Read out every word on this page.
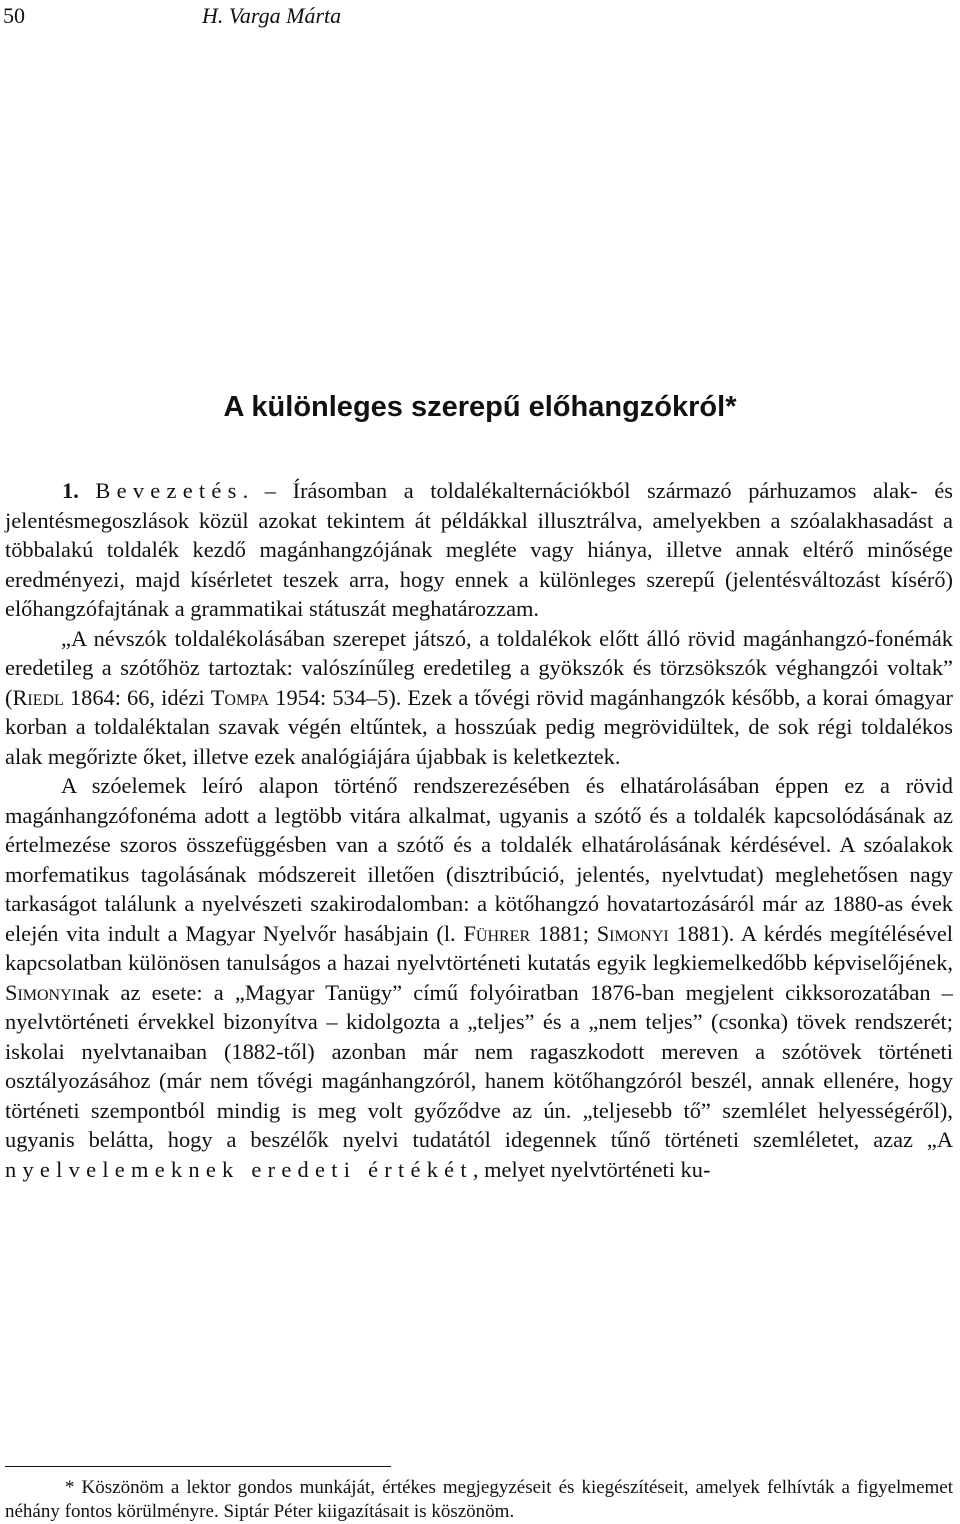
50	H. Varga Márta
A különleges szerepű előhangzókról*

1. Bevezetés. – Írásomban a toldalékalternációkból származó párhuzamos alak- és jelentésmegoszlások közül azokat tekintem át példákkal illusztrálva, amelyekben a szóalakhasadást a többalakú toldalék kezdő magánhangzójának megléte vagy hiánya, illetve annak eltérő minősége eredményezi, majd kísérletet teszek arra, hogy ennek a különleges szerepű (jelentésváltozást kísérő) előhangzófajtának a grammatikai státuszát meghatározzam.

„A névszók toldalékolásában szerepet játszó, a toldalékok előtt álló rövid magánhangzó-fonémák eredetileg a szótőhöz tartoztak: valószínűleg eredetileg a gyökszók és törzsökszók véghangzói voltak” (Riedl 1864: 66, idézi Tompa 1954: 534–5). Ezek a tővégi rövid magánhangzók később, a korai ómagyar korban a toldaléktalan szavak végén eltűntek, a hosszúak pedig megrövidültek, de sok régi toldalékos alak megőrizte őket, illetve ezek analógiájára újabbak is keletkeztek.

A szóelemek leíró alapon történő rendszerezésében és elhatárolásában éppen ez a rövid magánhangzófonéma adott a legtöbb vitára alkalmat, ugyanis a szótő és a toldalék kapcsolódásának az értelmezése szoros összefüggésben van a szótő és a toldalék elhatárolásának kérdésével. A szóalakok morfematikus tagolásának módszereit illetően (disztribúció, jelentés, nyelvtudat) meglehetősen nagy tarkaságot találunk a nyelvészeti szakirodalomban: a kötőhangzó hovatartozásáról már az 1880-as évek elején vita indult a Magyar Nyelvőr hasábjain (l. Führer 1881; Simonyi 1881). A kérdés megítélésével kapcsolatban különösen tanulságos a hazai nyelvtörténeti kutatás egyik legkiemelkedőbb képviselőjének, Simonyinak az esete: a „Magyar Tanügy” című folyóiratban 1876-ban megjelent cikksorozatában – nyelvtörténeti érvekkel bizonyítva – kidolgozta a „teljes” és a „nem teljes” (csonka) tövek rendszerét; iskolai nyelvtanaiban (1882-től) azonban már nem ragaszkodott mereven a szótövek történeti osztályozásához (már nem tővégi magánhangzóról, hanem kötőhangzóról beszél, annak ellenére, hogy történeti szempontból mindig is meg volt győződve az ún. „teljesebb tő” szemlélet helyességéről), ugyanis belátta, hogy a beszélők nyelvi tudatától idegennek tűnő történeti szemléletet, azaz „A nyelvelemeknek eredeti értékét, melyet nyelvtörténeti ku-

* Köszönöm a lektor gondos munkáját, értékes megjegyzéseit és kiegészítéseit, amelyek felhívták a figyelmemet néhány fontos körülményre. Siptár Péter kiigazításait is köszönöm.
